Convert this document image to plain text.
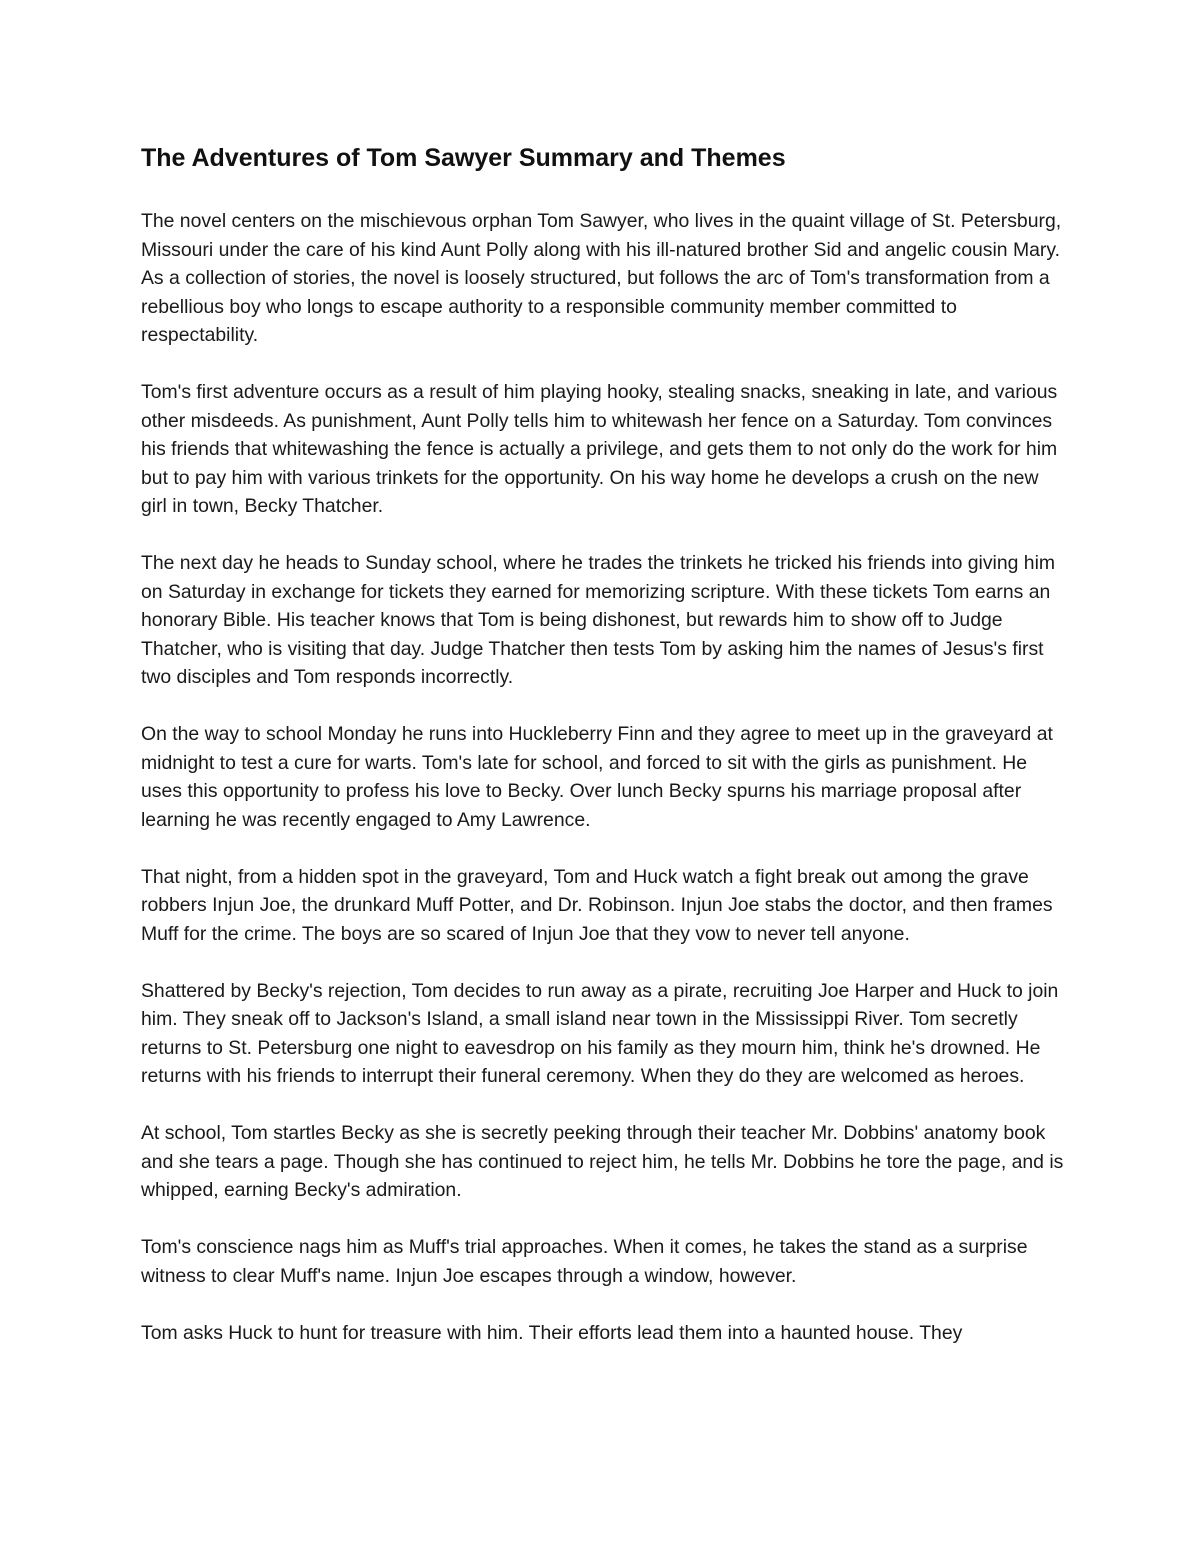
The Adventures of Tom Sawyer Summary and Themes

The novel centers on the mischievous orphan Tom Sawyer, who lives in the quaint village of St. Petersburg, Missouri under the care of his kind Aunt Polly along with his ill-natured brother Sid and angelic cousin Mary. As a collection of stories, the novel is loosely structured, but follows the arc of Tom's transformation from a rebellious boy who longs to escape authority to a responsible community member committed to respectability.

Tom's first adventure occurs as a result of him playing hooky, stealing snacks, sneaking in late, and various other misdeeds. As punishment, Aunt Polly tells him to whitewash her fence on a Saturday. Tom convinces his friends that whitewashing the fence is actually a privilege, and gets them to not only do the work for him but to pay him with various trinkets for the opportunity. On his way home he develops a crush on the new girl in town, Becky Thatcher.

The next day he heads to Sunday school, where he trades the trinkets he tricked his friends into giving him on Saturday in exchange for tickets they earned for memorizing scripture. With these tickets Tom earns an honorary Bible. His teacher knows that Tom is being dishonest, but rewards him to show off to Judge Thatcher, who is visiting that day. Judge Thatcher then tests Tom by asking him the names of Jesus's first two disciples and Tom responds incorrectly.

On the way to school Monday he runs into Huckleberry Finn and they agree to meet up in the graveyard at midnight to test a cure for warts. Tom's late for school, and forced to sit with the girls as punishment. He uses this opportunity to profess his love to Becky. Over lunch Becky spurns his marriage proposal after learning he was recently engaged to Amy Lawrence.

That night, from a hidden spot in the graveyard, Tom and Huck watch a fight break out among the grave robbers Injun Joe, the drunkard Muff Potter, and Dr. Robinson. Injun Joe stabs the doctor, and then frames Muff for the crime. The boys are so scared of Injun Joe that they vow to never tell anyone.

Shattered by Becky's rejection, Tom decides to run away as a pirate, recruiting Joe Harper and Huck to join him. They sneak off to Jackson's Island, a small island near town in the Mississippi River. Tom secretly returns to St. Petersburg one night to eavesdrop on his family as they mourn him, think he's drowned. He returns with his friends to interrupt their funeral ceremony. When they do they are welcomed as heroes.

At school, Tom startles Becky as she is secretly peeking through their teacher Mr. Dobbins' anatomy book and she tears a page. Though she has continued to reject him, he tells Mr. Dobbins he tore the page, and is whipped, earning Becky's admiration.

Tom's conscience nags him as Muff's trial approaches. When it comes, he takes the stand as a surprise witness to clear Muff's name. Injun Joe escapes through a window, however.

Tom asks Huck to hunt for treasure with him. Their efforts lead them into a haunted house. They
